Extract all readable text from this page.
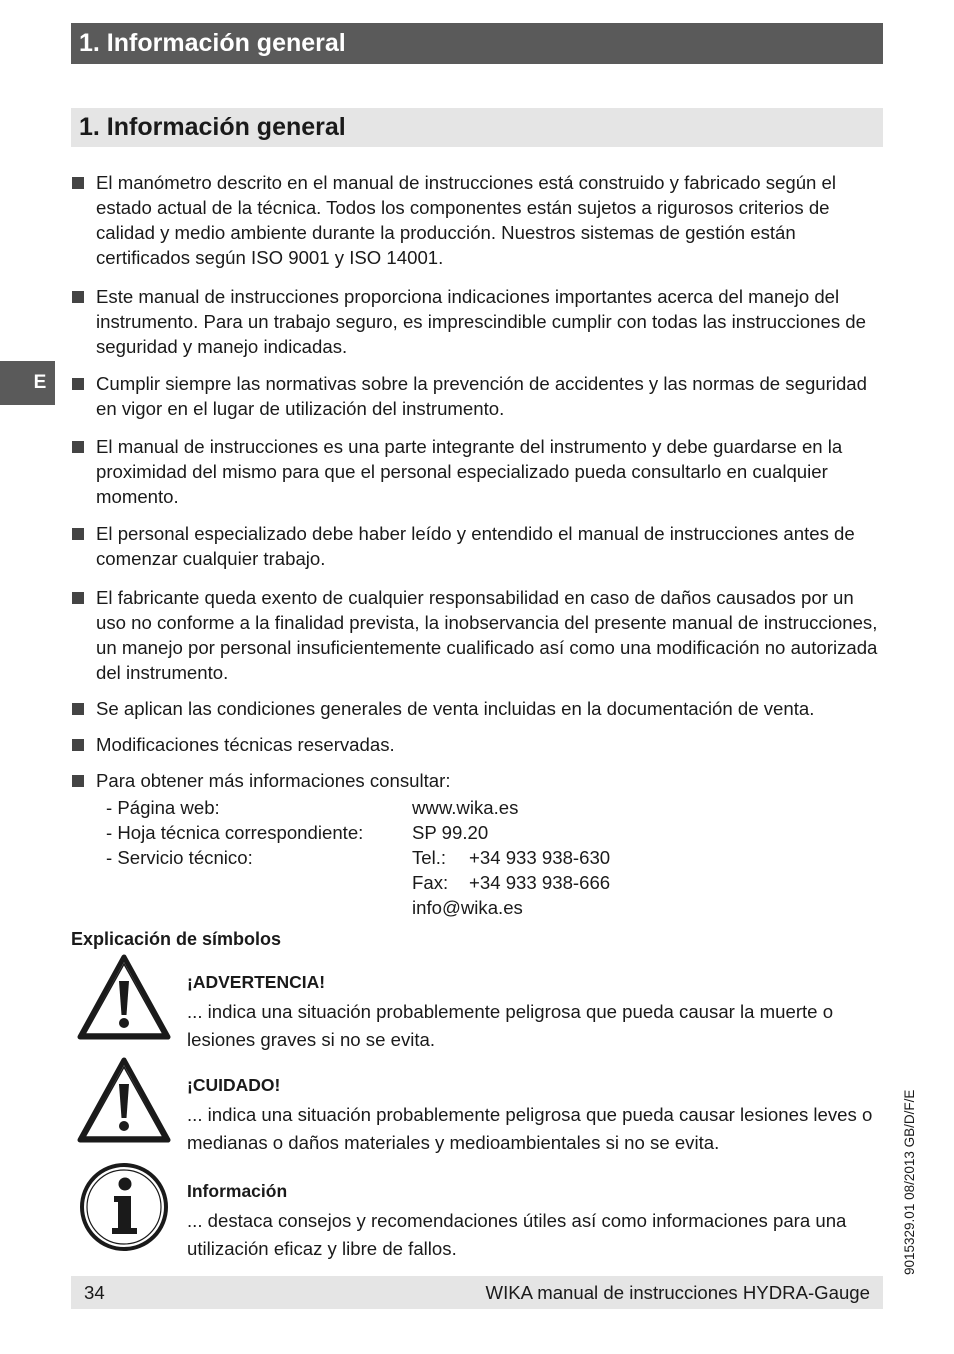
1. Información general
E
1. Información general
El manómetro descrito en el manual de instrucciones está construido y fabricado según el estado actual de la técnica. Todos los componentes están sujetos a rigurosos criterios de calidad y medio ambiente durante la producción. Nuestros sistemas de gestión están certificados según ISO 9001 y ISO 14001.
Este manual de instrucciones proporciona indicaciones importantes acerca del manejo del instrumento. Para un trabajo seguro, es imprescindible cumplir con todas las instrucciones de seguridad y manejo indicadas.
Cumplir siempre las normativas sobre la prevención de accidentes y las normas de seguridad en vigor en el lugar de utilización del instrumento.
El manual de instrucciones es una parte integrante del instrumento y debe guardarse en la proximidad del mismo para que el personal especializado pueda consultarlo en cualquier momento.
El personal especializado debe haber leído y entendido el manual de instrucciones antes de comenzar cualquier trabajo.
El fabricante queda exento de cualquier responsabilidad en caso de daños causados por un uso no conforme a la finalidad prevista, la inobservancia del presente manual de instrucciones, un manejo por personal insuficientemente cualificado así como una modificación no autorizada del instrumento.
Se aplican las condiciones generales de venta incluidas en la documentación de venta.
Modificaciones técnicas reservadas.
Para obtener más informaciones consultar:
- Página web:	www.wika.es
- Hoja técnica correspondiente:	SP 99.20
- Servicio técnico:	Tel.: +34 933 938-630
Fax: +34 933 938-666
info@wika.es
Explicación de símbolos
¡ADVERTENCIA!
... indica una situación probablemente peligrosa que pueda causar la muerte o lesiones graves si no se evita.
¡CUIDADO!
... indica una situación probablemente peligrosa que pueda causar lesiones leves o medianas o daños materiales y medioambientales si no se evita.
Información
... destaca consejos y recomendaciones útiles así como informaciones para una utilización eficaz y libre de fallos.	9015329.01 08/2013 GB/D/F/E
34	WIKA manual de instrucciones HYDRA-Gauge
